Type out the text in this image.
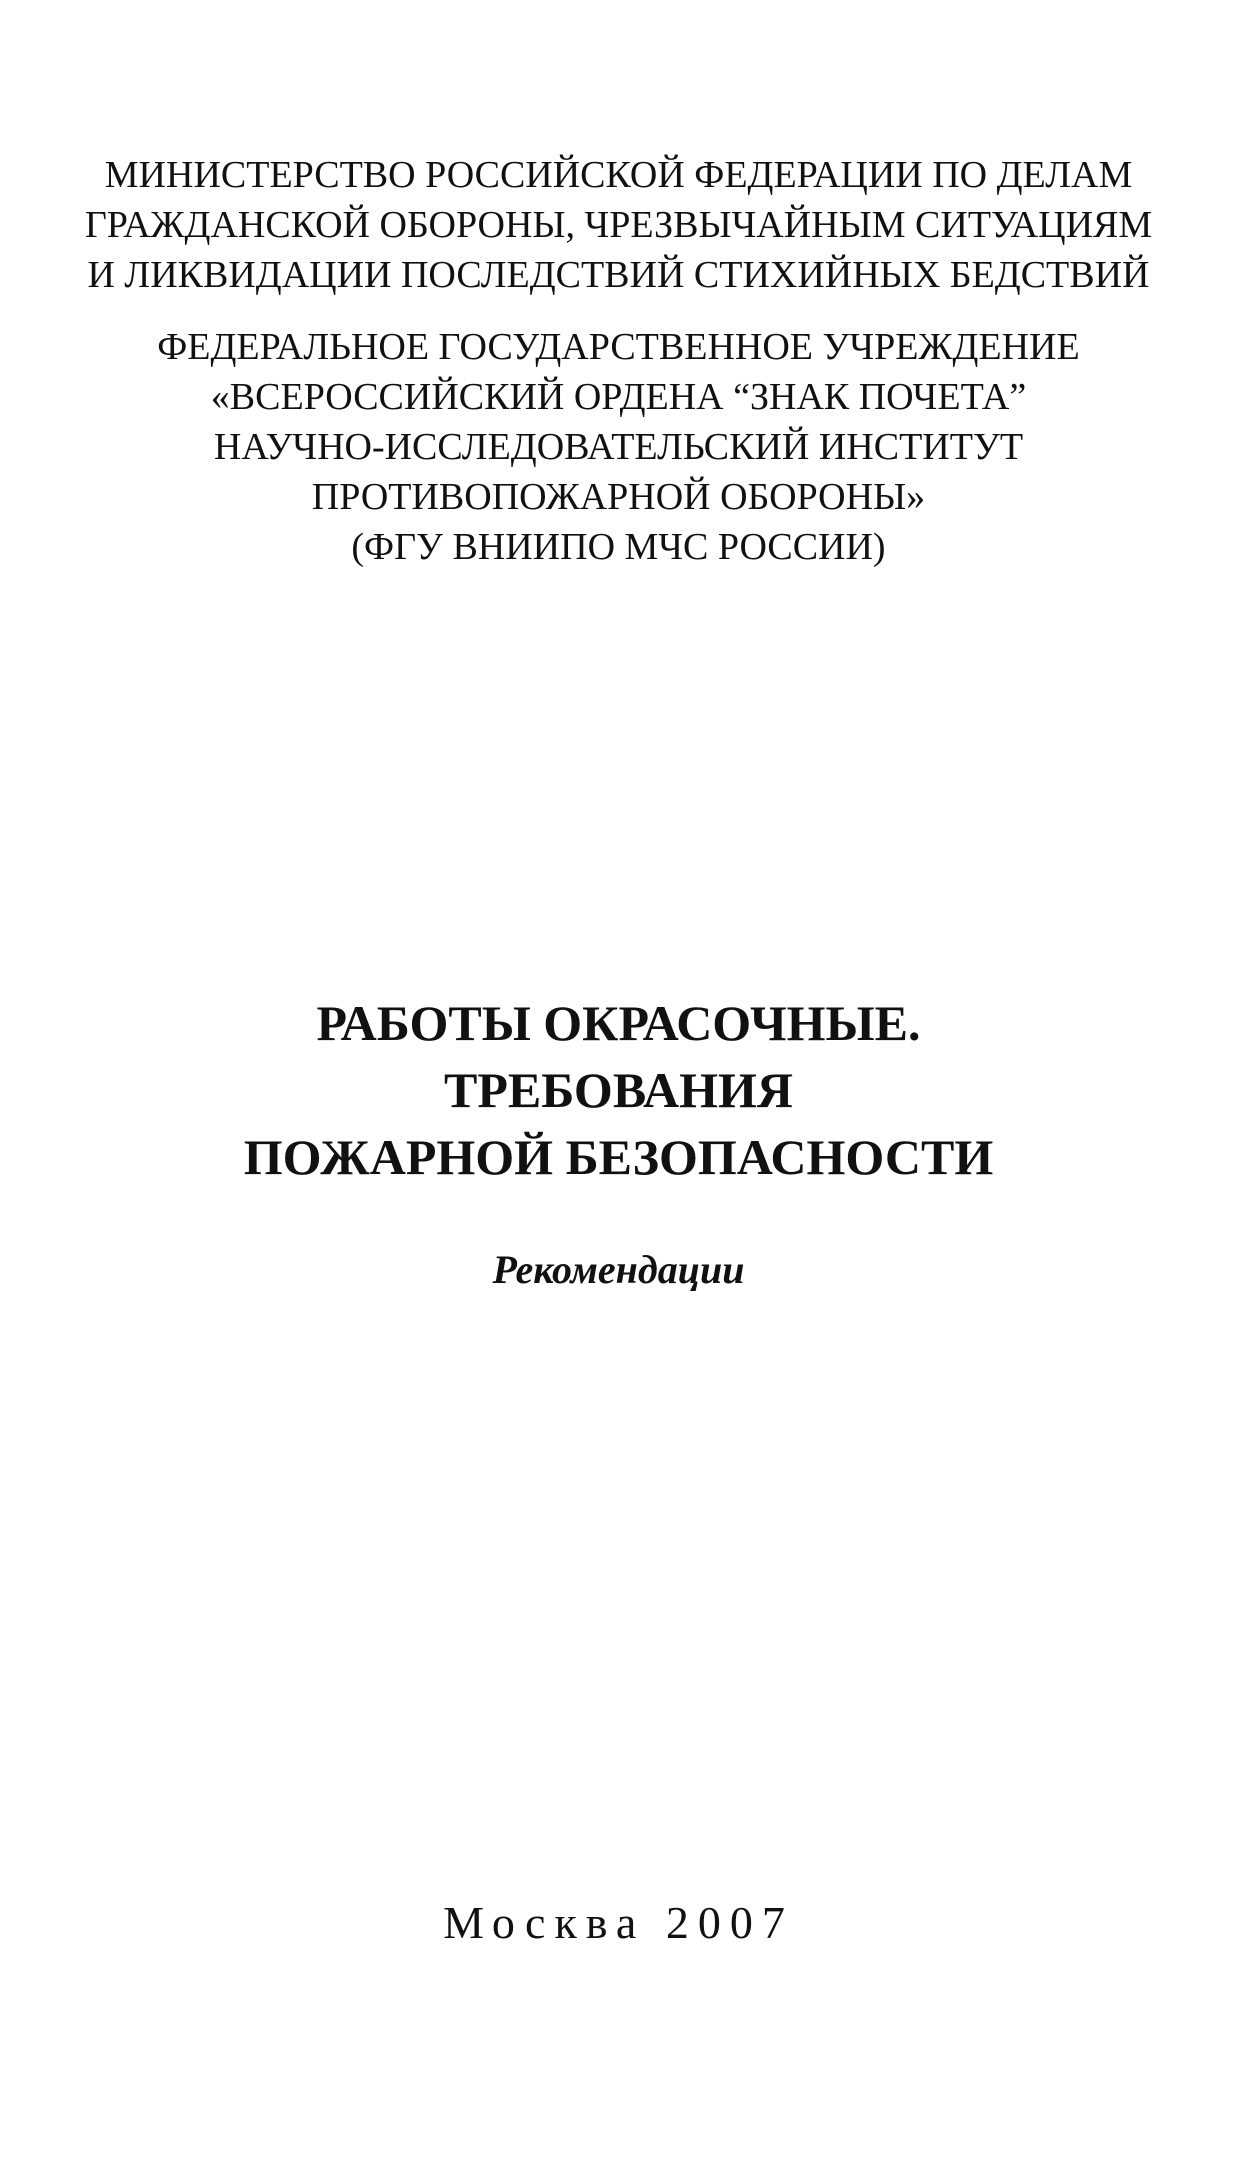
МИНИСТЕРСТВО РОССИЙСКОЙ ФЕДЕРАЦИИ ПО ДЕЛАМ
ГРАЖДАНСКОЙ ОБОРОНЫ, ЧРЕЗВЫЧАЙНЫМ СИТУАЦИЯМ
И ЛИКВИДАЦИИ ПОСЛЕДСТВИЙ СТИХИЙНЫХ БЕДСТВИЙ
ФЕДЕРАЛЬНОЕ ГОСУДАРСТВЕННОЕ УЧРЕЖДЕНИЕ
«ВСЕРОССИЙСКИЙ ОРДЕНА “ЗНАК ПОЧЕТА”
НАУЧНО-ИССЛЕДОВАТЕЛЬСКИЙ ИНСТИТУТ
ПРОТИВОПОЖАРНОЙ ОБОРОНЫ»
(ФГУ ВНИИПО МЧС РОССИИ)
РАБОТЫ ОКРАСОЧНЫЕ.
ТРЕБОВАНИЯ
ПОЖАРНОЙ БЕЗОПАСНОСТИ
Рекомендации
Москва 2007
